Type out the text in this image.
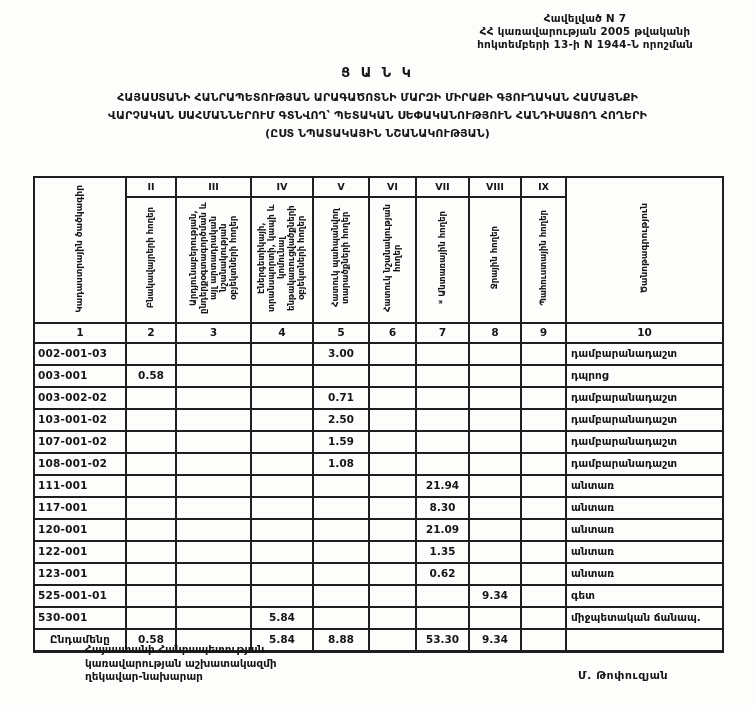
Հավելված N 7
ՀՀ կառավարության 2005 թվականի
հոկտեմբերի 13-ի N 1944-Ն որոշման
Ց Ա Ն Կ
ՀԱՅԱՍՏԱՆԻ ՀԱՆՐԱՊԵՏՈՒԹՅԱՆ ԱՐԱԳԱԾՈՏՆԻ ՄԱՐԶԻ ՄԻՐԱՔԻ ԳՅՈՒՂԱԿԱՆ ՀԱՄԱՅՆՔԻ
ՎԱՐՉԱԿԱՆ ՍԱՀՄԱՆՆԵՐՈՒՄ ԳՏՆՎՈՂ՝ ՊԵՏԱԿԱՆ ՍԵՓԱԿԱՆՈՒԹՅՈՒՆ ՀԱՆԴԻՍԱՑՈՂ ՀՈՂԵՐԻ
(ԸՍՏ ՆՊԱՏԱԿԱՅԻՆ ՆՇԱՆԱԿՈՒԹՅԱՆ)
Կադաստրային ծածկագիր	II	III	IV	V	VI	VII	VIII	IX	Ծանոթագրություն
	Բնակավայրերի հողեր	Արդյունաբերության, ընդերքօգտագործման և այլ արտադրական նշանակության օբյեկտների հողեր	Էներգետիկայի, տրանսպորտի, կապի և կոմունալ ենթակառուցվածքների օբյեկտների հողեր	Հատուկ պահպանվող տարածքների հողեր	Հատուկ նշանակության հողեր	* Անտառային հողեր	Ջրային հողեր	Պահուստային հողեր	
1	2	3	4	5	6	7	8	9	10
002-001-03				3.00					դամբարանադաշտ
003-001	0.58								դպրոց
003-002-02				0.71					դամբարանադաշտ
103-001-02				2.50					դամբարանադաշտ
107-001-02				1.59					դամբարանադաշտ
108-001-02				1.08					դամբարանադաշտ
111-001						21.94			անտառ
117-001						8.30			անտառ
120-001						21.09			անտառ
122-001						1.35			անտառ
123-001						0.62			անտառ
525-001-01							9.34		գետ
530-001			5.84						միջպետական ճանապ.
Ընդամենը	0.58		5.84	8.88		53.30	9.34		
Հայաստանի Հանրապետության
կառավարության աշխատակազմի
ղեկավար-նախարար	Մ. Թոփուզյան
